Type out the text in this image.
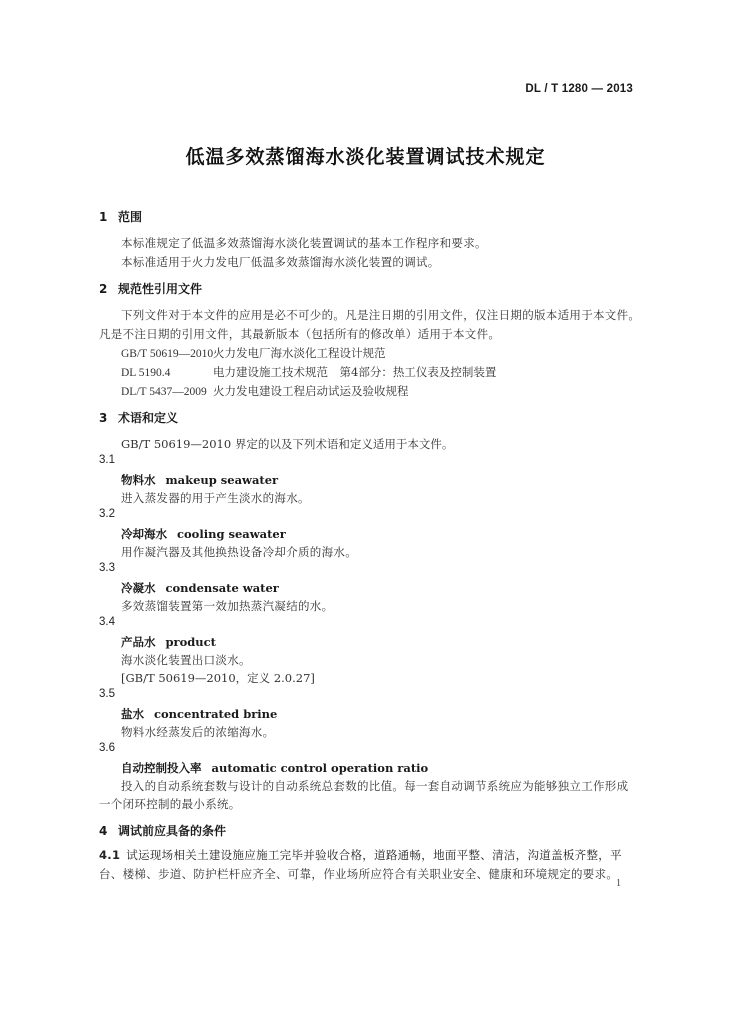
DL / T 1280 — 2013
低温多效蒸馏海水淡化装置调试技术规定
1 范围
本标准规定了低温多效蒸馏海水淡化装置调试的基本工作程序和要求。
本标准适用于火力发电厂低温多效蒸馏海水淡化装置的调试。
2 规范性引用文件
下列文件对于本文件的应用是必不可少的。凡是注日期的引用文件，仅注日期的版本适用于本文件。
凡是不注日期的引用文件，其最新版本（包括所有的修改单）适用于本文件。
GB/T 50619—2010火力发电厂海水淡化工程设计规范
DL 5190.4	电力建设施工技术规范　第4部分：热工仪表及控制装置
DL/T 5437—2009 火力发电建设工程启动试运及验收规程
3 术语和定义
GB/T 50619—2010 界定的以及下列术语和定义适用于本文件。
3.1
物料水 makeup seawater
进入蒸发器的用于产生淡水的海水。
3.2
冷却海水 cooling seawater
用作凝汽器及其他换热设备冷却介质的海水。
3.3
冷凝水 condensate water
多效蒸馏装置第一效加热蒸汽凝结的水。
3.4
产品水 product
海水淡化装置出口淡水。
[GB/T 50619—2010，定义 2.0.27]
3.5
盐水 concentrated brine
物料水经蒸发后的浓缩海水。
3.6
自动控制投入率 automatic control operation ratio
投入的自动系统套数与设计的自动系统总套数的比值。每一套自动调节系统应为能够独立工作形成
一个闭环控制的最小系统。
4 调试前应具备的条件
4.1 试运现场相关土建设施应施工完毕并验收合格，道路通畅，地面平整、清洁，沟道盖板齐整，平
台、楼梯、步道、防护栏杆应齐全、可靠，作业场所应符合有关职业安全、健康和环境规定的要求。
1
